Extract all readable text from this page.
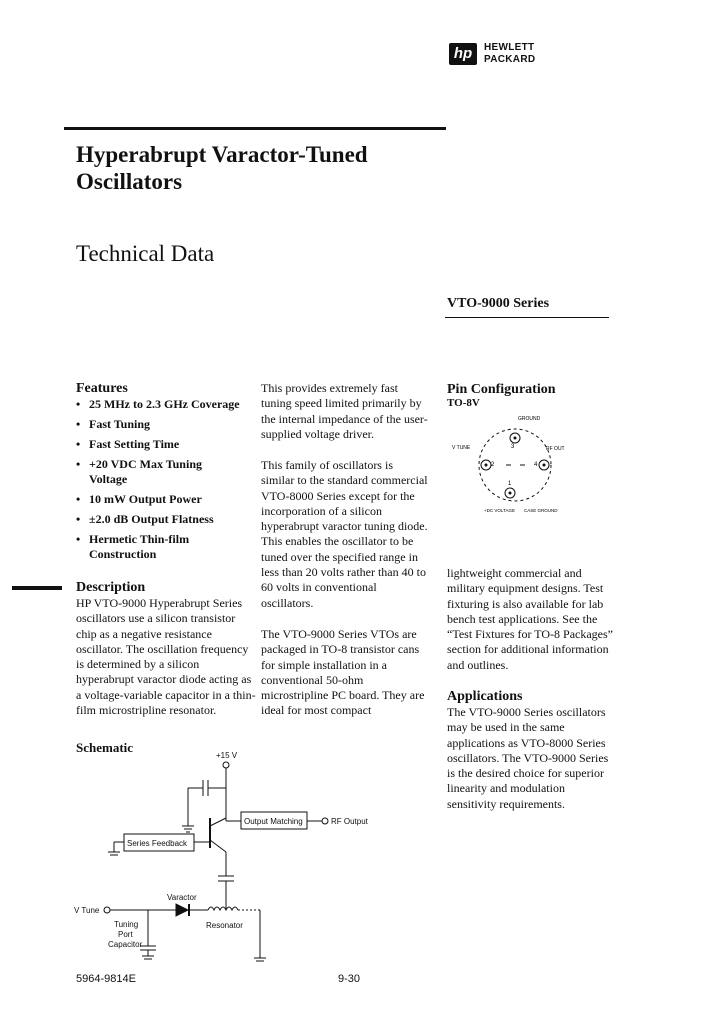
hp	HEWLETT
PACKARD
Hyperabrupt Varactor-Tuned
Oscillators
Technical Data
VTO-9000 Series
Features
• 25 MHz to 2.3 GHz Coverage
• Fast Tuning
• Fast Setting Time
• +20 VDC Max Tuning Voltage
• 10 mW Output Power
• ±2.0 dB Output Flatness
• Hermetic Thin-film Construction
Description
HP VTO-9000 Hyperabrupt Series oscillators use a silicon transistor chip as a negative resistance oscillator. The oscillation frequency is determined by a silicon hyperabrupt varactor diode acting as a voltage-variable capacitor in a thin-film microstripline resonator.
This provides extremely fast tuning speed limited primarily by the internal impedance of the user-supplied voltage driver.
This family of oscillators is similar to the standard commercial VTO-8000 Series except for the incorporation of a silicon hyperabrupt varactor tuning diode. This enables the oscillator to be tuned over the specified range in less than 20 volts rather than 40 to 60 volts in conventional oscillators.
The VTO-9000 Series VTOs are packaged in TO-8 transistor cans for simple installation in a conventional 50-ohm microstripline PC board. They are ideal for most compact
Pin Configuration
TO-8V
GROUND
V TUNE	RF OUT
+DC VOLTAGE CASE GROUND
2
3
4
1
lightweight commercial and military equipment designs. Test fixturing is also available for lab bench test applications. See the “Test Fixtures for TO-8 Packages” section for additional information and outlines.
Applications
The VTO-9000 Series oscillators may be used in the same applications as VTO-8000 Series oscillators. The VTO-9000 Series is the desired choice for superior linearity and modulation sensitivity requirements.
Schematic
+15 V
Output Matching	RF Output
Series Feedback
Varactor
V Tune
Tuning
Port
Capacitor
Resonator
5964-9814E	9-30
